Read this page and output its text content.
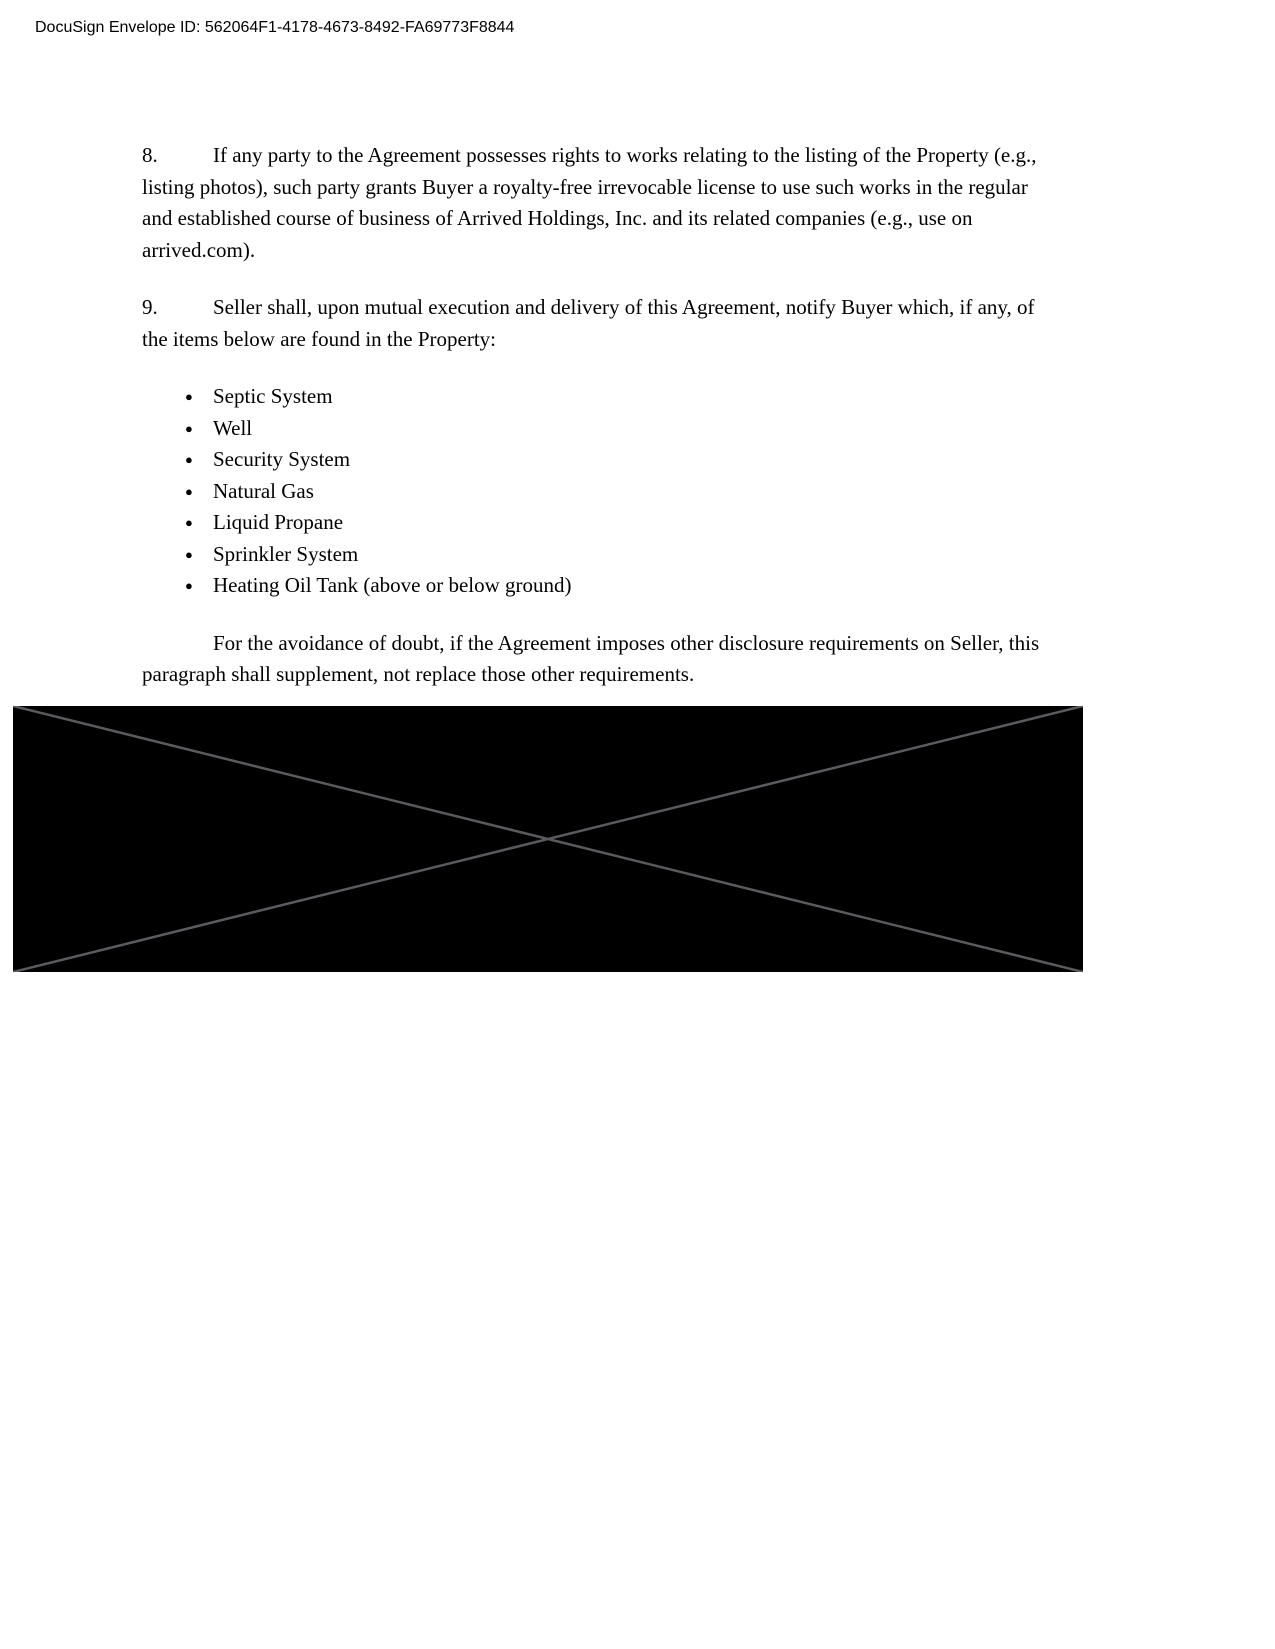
DocuSign Envelope ID: 562064F1-4178-4673-8492-FA69773F8844

8.	If any party to the Agreement possesses rights to works relating to the listing of the Property (e.g., listing photos), such party grants Buyer a royalty-free irrevocable license to use such works in the regular and established course of business of Arrived Holdings, Inc. and its related companies (e.g., use on arrived.com).

9.	Seller shall, upon mutual execution and delivery of this Agreement, notify Buyer which, if any, of the items below are found in the Property:

● Septic System
● Well
● Security System
● Natural Gas
● Liquid Propane
● Sprinkler System
● Heating Oil Tank (above or below ground)

For the avoidance of doubt, if the Agreement imposes other disclosure requirements on Seller, this paragraph shall supplement, not replace those other requirements.
